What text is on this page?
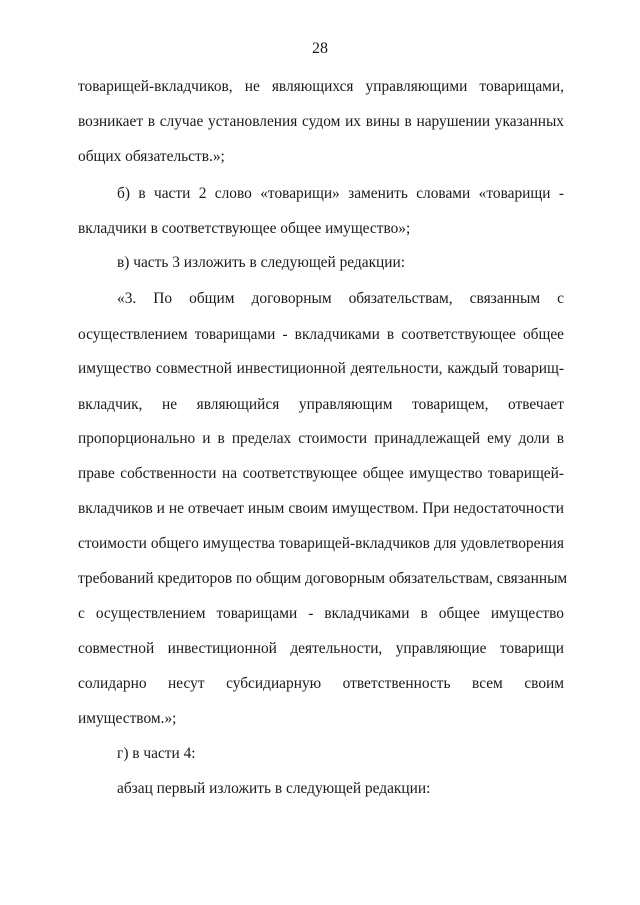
28
товарищей-вкладчиков, не являющихся управляющими товарищами,
возникает в случае установления судом их вины в нарушении указанных
общих обязательств.»;
б) в части 2 слово «товарищи» заменить словами «товарищи -
вкладчики в соответствующее общее имущество»;
в) часть 3 изложить в следующей редакции:
«3. По общим договорным обязательствам, связанным с
осуществлением товарищами - вкладчиками в соответствующее общее
имущество совместной инвестиционной деятельности, каждый товарищ-
вкладчик, не являющийся управляющим товарищем, отвечает
пропорционально и в пределах стоимости принадлежащей ему доли в
праве собственности на соответствующее общее имущество товарищей-
вкладчиков и не отвечает иным своим имуществом. При недостаточности
стоимости общего имущества товарищей-вкладчиков для удовлетворения
требований кредиторов по общим договорным обязательствам, связанным
с осуществлением товарищами - вкладчиками в общее имущество
совместной инвестиционной деятельности, управляющие товарищи
солидарно несут субсидиарную ответственность всем своим
имуществом.»;
г) в части 4:
абзац первый изложить в следующей редакции:
